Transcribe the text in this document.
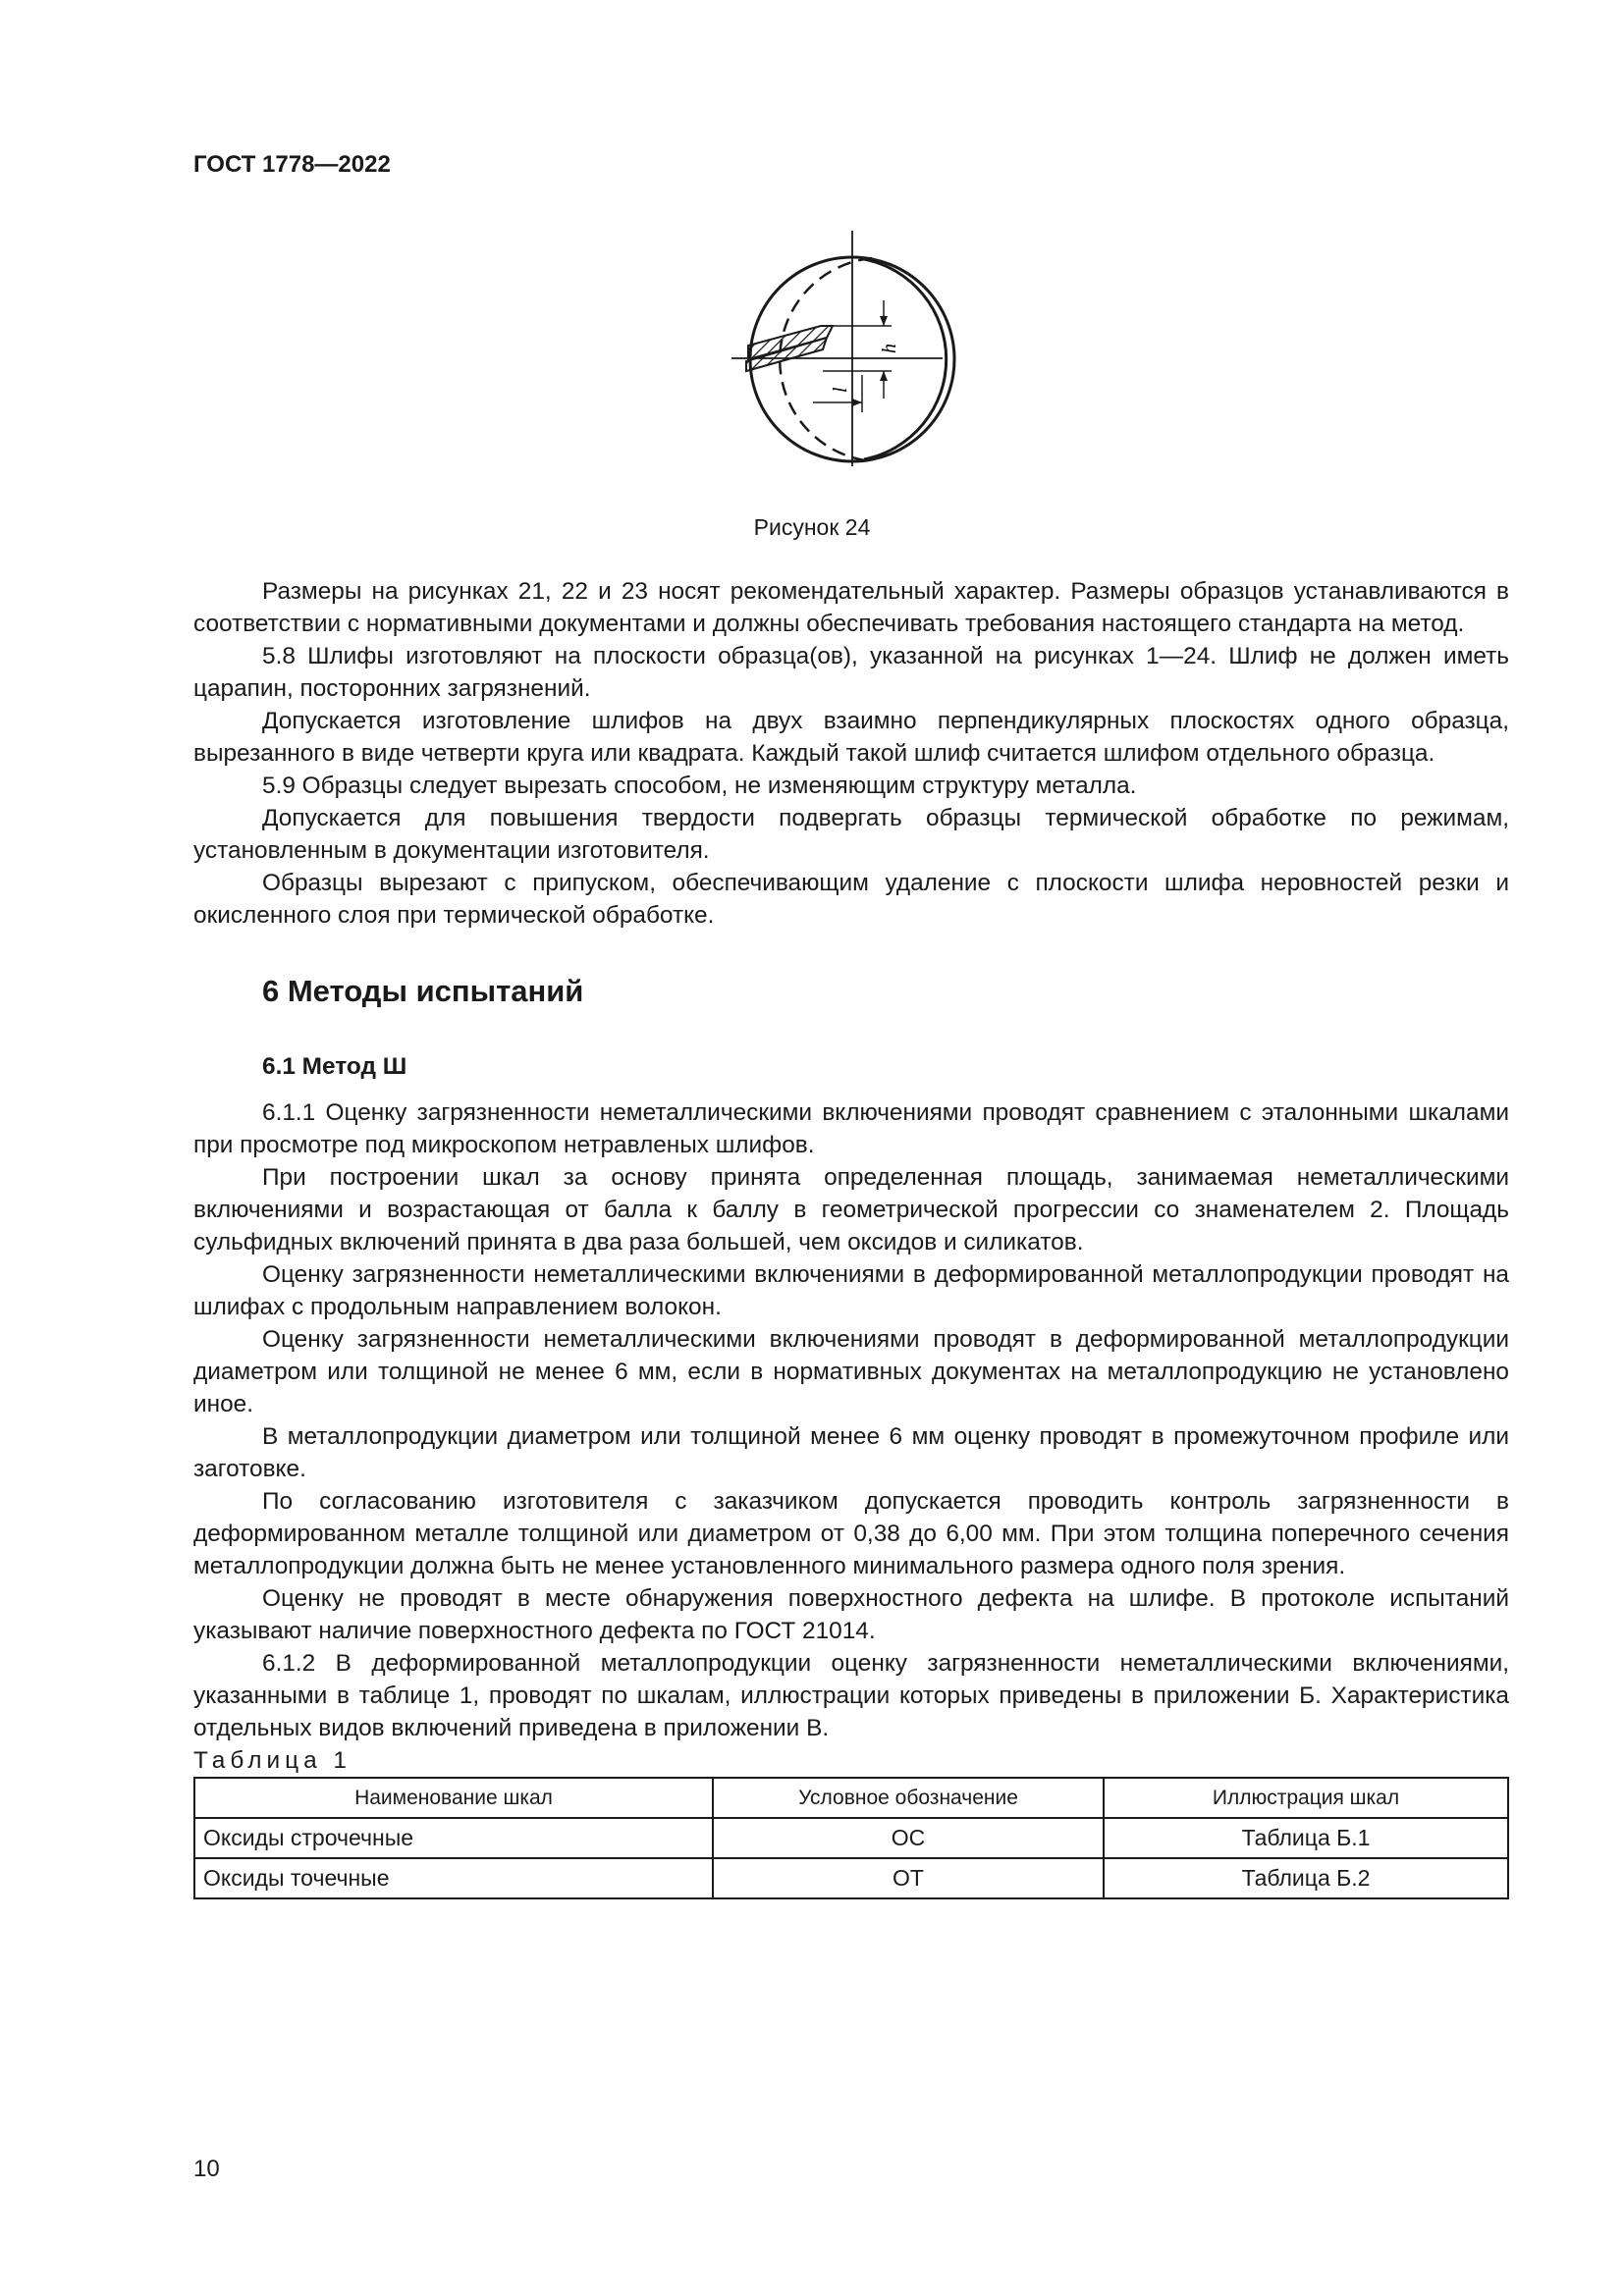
ГОСТ 1778—2022
h
l
Рисунок 24

Размеры на рисунках 21, 22 и 23 носят рекомендательный характер. Размеры образцов устанавливаются в соответствии с нормативными документами и должны обеспечивать требования настоящего стандарта на метод.

5.8 Шлифы изготовляют на плоскости образца(ов), указанной на рисунках 1—24. Шлиф не должен иметь царапин, посторонних загрязнений.

Допускается изготовление шлифов на двух взаимно перпендикулярных плоскостях одного образца, вырезанного в виде четверти круга или квадрата. Каждый такой шлиф считается шлифом отдельного образца.

5.9 Образцы следует вырезать способом, не изменяющим структуру металла.

Допускается для повышения твердости подвергать образцы термической обработке по режимам, установленным в документации изготовителя.

Образцы вырезают с припуском, обеспечивающим удаление с плоскости шлифа неровностей резки и окисленного слоя при термической обработке.

6 Методы испытаний
6.1 Метод Ш

6.1.1 Оценку загрязненности неметаллическими включениями проводят сравнением с эталонными шкалами при просмотре под микроскопом нетравленых шлифов.

При построении шкал за основу принята определенная площадь, занимаемая неметаллическими включениями и возрастающая от балла к баллу в геометрической прогрессии со знаменателем 2. Площадь сульфидных включений принята в два раза большей, чем оксидов и силикатов.

Оценку загрязненности неметаллическими включениями в деформированной металлопродукции проводят на шлифах с продольным направлением волокон.

Оценку загрязненности неметаллическими включениями проводят в деформированной металлопродукции диаметром или толщиной не менее 6 мм, если в нормативных документах на металлопродукцию не установлено иное.

В металлопродукции диаметром или толщиной менее 6 мм оценку проводят в промежуточном профиле или заготовке.

По согласованию изготовителя с заказчиком допускается проводить контроль загрязненности в деформированном металле толщиной или диаметром от 0,38 до 6,00 мм. При этом толщина поперечного сечения металлопродукции должна быть не менее установленного минимального размера одного поля зрения.

Оценку не проводят в месте обнаружения поверхностного дефекта на шлифе. В протоколе испытаний указывают наличие поверхностного дефекта по ГОСТ 21014.

6.1.2 В деформированной металлопродукции оценку загрязненности неметаллическими включениями, указанными в таблице 1, проводят по шкалам, иллюстрации которых приведены в приложении Б. Характеристика отдельных видов включений приведена в приложении В.

Таблица 1

Наименование шкал	Условное обозначение	Иллюстрация шкал
Оксиды строчечные	ОС	Таблица Б.1
Оксиды точечные	ОТ	Таблица Б.2
10
